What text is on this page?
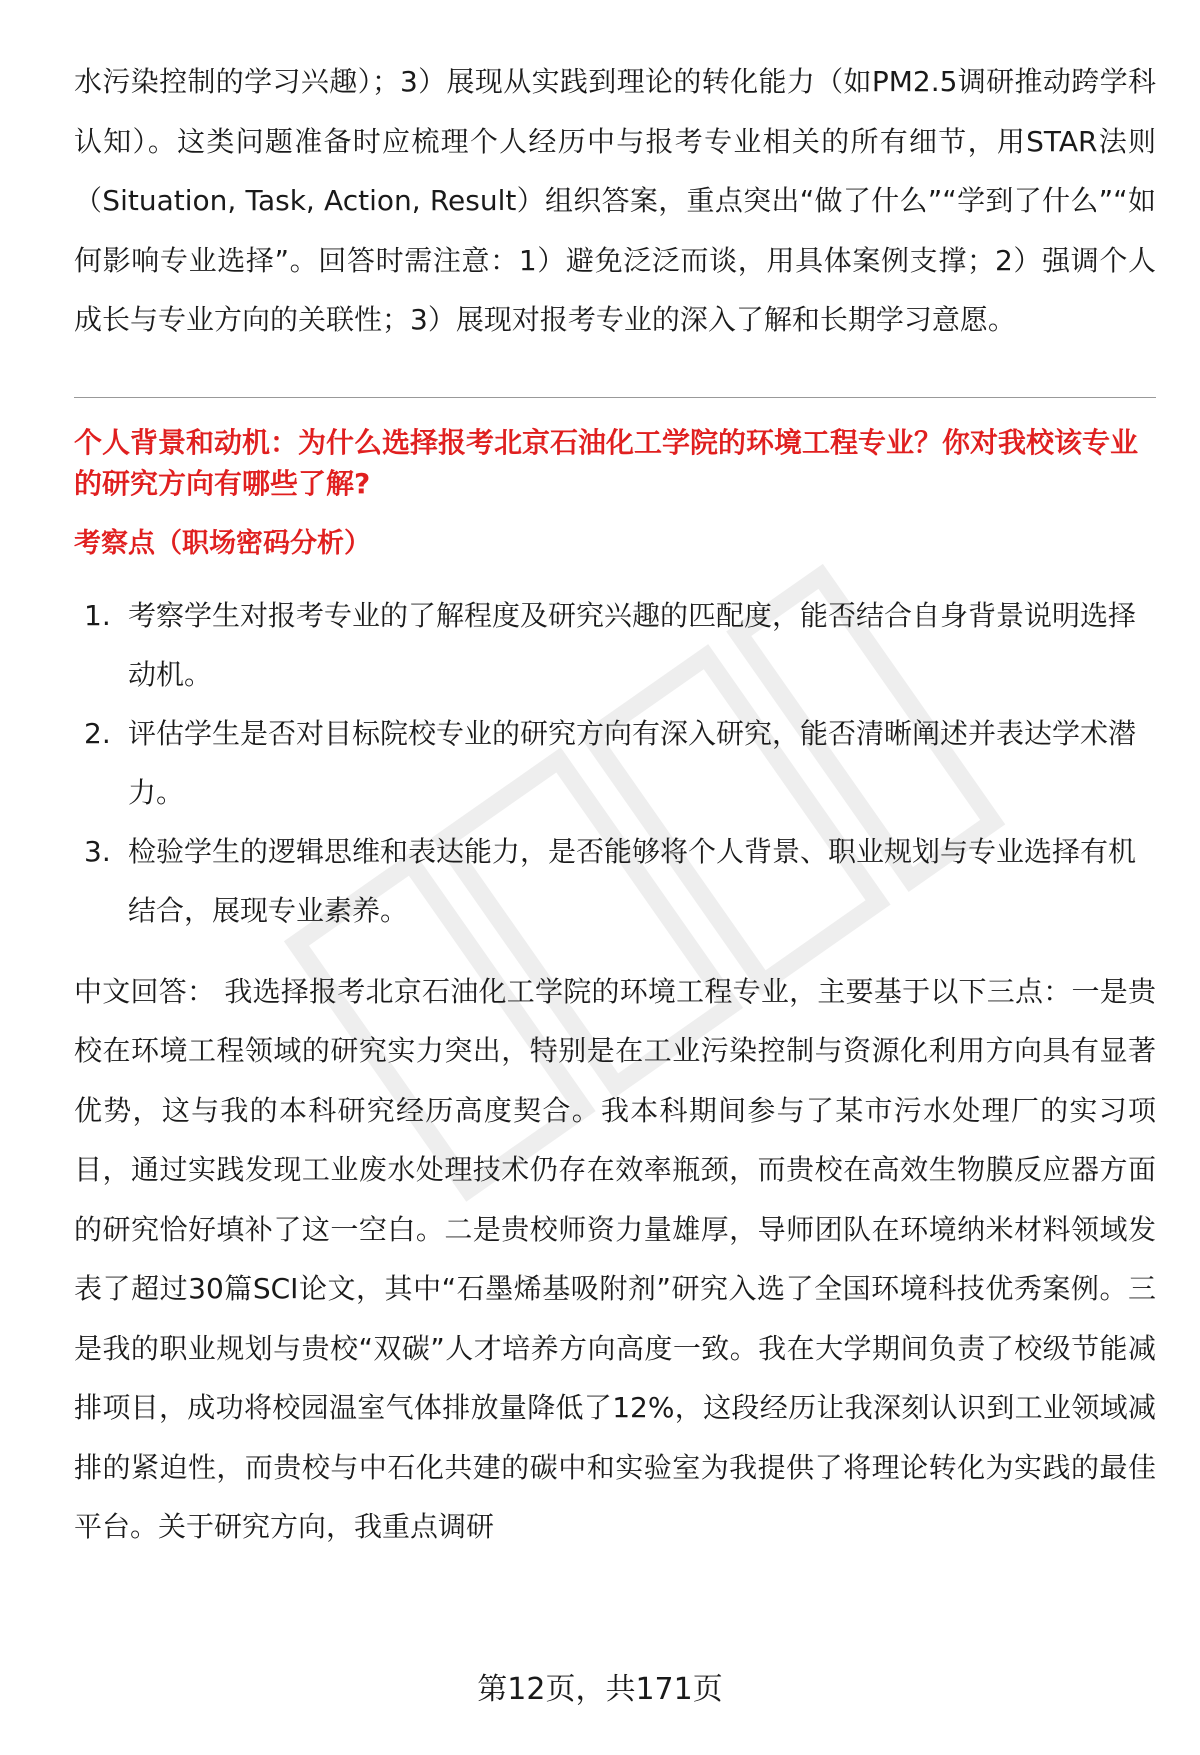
水污染控制的学习兴趣）；3）展现从实践到理论的转化能力（如PM2.5调研推动跨学科认知）。这类问题准备时应梳理个人经历中与报考专业相关的所有细节，用STAR法则（Situation, Task, Action, Result）组织答案，重点突出“做了什么”“学到了什么”“如何影响专业选择”。回答时需注意：1）避免泛泛而谈，用具体案例支撑；2）强调个人成长与专业方向的关联性；3）展现对报考专业的深入了解和长期学习意愿。

个人背景和动机：为什么选择报考北京石油化工学院的环境工程专业？你对我校该专业的研究方向有哪些了解?

考察点（职场密码分析）
1. 考察学生对报考专业的了解程度及研究兴趣的匹配度，能否结合自身背景说明选择动机。
2. 评估学生是否对目标院校专业的研究方向有深入研究，能否清晰阐述并表达学术潜力。
3. 检验学生的逻辑思维和表达能力，是否能够将个人背景、职业规划与专业选择有机结合，展现专业素养。

中文回答： 我选择报考北京石油化工学院的环境工程专业，主要基于以下三点：一是贵校在环境工程领域的研究实力突出，特别是在工业污染控制与资源化利用方向具有显著优势，这与我的本科研究经历高度契合。我本科期间参与了某市污水处理厂的实习项目，通过实践发现工业废水处理技术仍存在效率瓶颈，而贵校在高效生物膜反应器方面的研究恰好填补了这一空白。二是贵校师资力量雄厚，导师团队在环境纳米材料领域发表了超过30篇SCI论文，其中“石墨烯基吸附剂”研究入选了全国环境科技优秀案例。三是我的职业规划与贵校“双碳”人才培养方向高度一致。我在大学期间负责了校级节能减排项目，成功将校园温室气体排放量降低了12%，这段经历让我深刻认识到工业领域减排的紧迫性，而贵校与中石化共建的碳中和实验室为我提供了将理论转化为实践的最佳平台。关于研究方向，我重点调研

第12页，共171页
